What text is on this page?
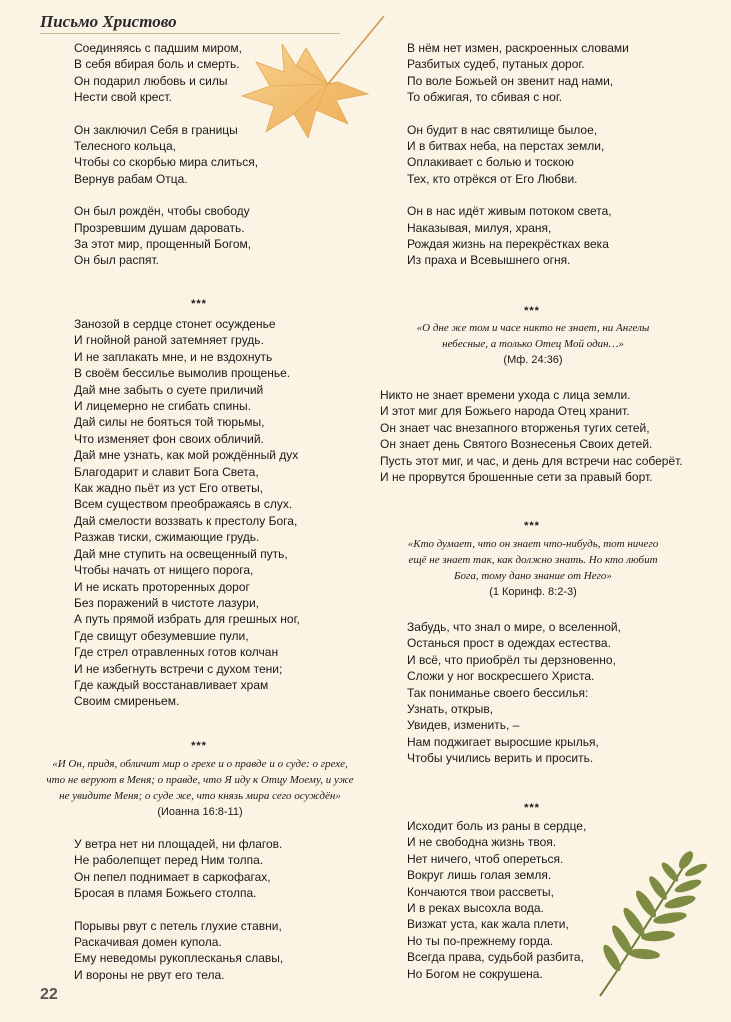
Письмо Христово
Соединяясь с падшим миром,
В себя вбирая боль и смерть.
Он подарил любовь и силы
Нести свой крест.
Он заключил Себя в границы
Телесного кольца,
Чтобы со скорбью мира слиться,
Вернув рабам Отца.
Он был рождён, чтобы свободу
Прозревшим душам даровать.
За этот мир, прощенный Богом,
Он был распят.
***
Занозой в сердце стонет осужденье
И гнойной раной затемняет грудь.
И не заплакать мне, и не вздохнуть
В своём бессилье вымолив прощенье.
Дай мне забыть о суете приличий
И лицемерно не сгибать спины.
Дай силы не бояться той тюрьмы,
Что изменяет фон своих обличий.
Дай мне узнать, как мой рождённый дух
Благодарит и славит Бога Света,
Как жадно пьёт из уст Его ответы,
Всем существом преображаясь в слух.
Дай смелости воззвать к престолу Бога,
Разжав тиски, сжимающие грудь.
Дай мне ступить на освещенный путь,
Чтобы начать от нищего порога,
И не искать проторенных дорог
Без поражений в чистоте лазури,
А путь прямой избрать для грешных ног,
Где свищут обезумевшие пули,
Где стрел отравленных готов колчан
И не избегнуть встречи с духом тени;
Где каждый восстанавливает храм
Своим смиреньем.
***
«И Он, придя, обличит мир о грехе и о правде и о суде: о грехе,
что не веруют в Меня; о правде, что Я иду к Отцу Моему, и уже
не увидите Меня; о суде же, что князь мира сего осуждён»
(Иоанна 16:8-11)
У ветра нет ни площадей, ни флагов.
Не раболепщет перед Ним толпа.
Он пепел поднимает в саркофагах,
Бросая в пламя Божьего столпа.
Порывы рвут с петель глухие ставни,
Раскачивая домен купола.
Ему неведомы рукоплесканья славы,
И вороны не рвут его тела.
В нём нет измен, раскроенных словами
Разбитых судеб, путаных дорог.
По воле Божьей он звенит над нами,
То обжигая, то сбивая с ног.
Он будит в нас святилище былое,
И в битвах неба, на перстах земли,
Оплакивает с болью и тоскою
Тех, кто отрёкся от Его Любви.
Он в нас идёт живым потоком света,
Наказывая, милуя, храня,
Рождая жизнь на перекрёстках века
Из праха и Всевышнего огня.
***
«О дне же том и часе никто не знает, ни Ангелы
небесные, а только Отец Мой один…»
(Мф. 24:36)
Никто не знает времени ухода с лица земли.
И этот миг для Божьего народа Отец хранит.
Он знает час внезапного вторженья тугих сетей,
Он знает день Святого Вознесенья Своих детей.
Пусть этот миг, и час, и день для встречи нас соберёт.
И не прорвутся брошенные сети за правый борт.
***
«Кто думает, что он знает что-нибудь, тот ничего
ещё не знает так, как должно знать. Но кто любит
Бога, тому дано знание от Него»
(1 Коринф. 8:2-3)
Забудь, что знал о мире, о вселенной,
Останься прост в одеждах естества.
И всё, что приобрёл ты дерзновенно,
Сложи у ног воскресшего Христа.
Так пониманье своего бессилья:
Узнать, открыв,
Увидев, изменить, –
Нам поджигает выросшие крылья,
Чтобы учились верить и просить.
***
Исходит боль из раны в сердце,
И не свободна жизнь твоя.
Нет ничего, чтоб опереться.
Вокруг лишь голая земля.
Кончаются твои рассветы,
И в реках высохла вода.
Визжат уста, как жала плети,
Но ты по-прежнему горда.
Всегда права, судьбой разбита,
Но Богом не сокрушена.
22
